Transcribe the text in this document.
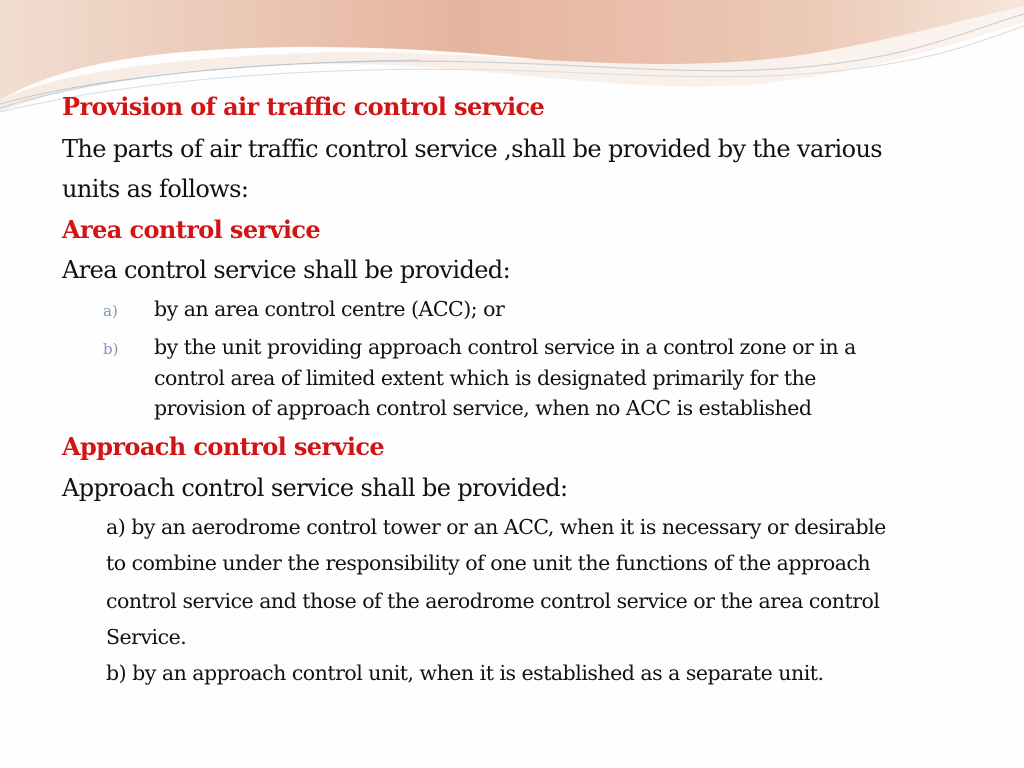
Provision of air traffic control service
The parts of air traffic control service ,shall be provided by the various
units as follows:
Area control service
Area control service shall be provided:
a) by an area control centre (ACC); or
b) by the unit providing approach control service in a control zone or in a
control area of limited extent which is designated primarily for the
provision of approach control service, when no ACC is established
Approach control service
Approach control service shall be provided:
a) by an aerodrome control tower or an ACC, when it is necessary or desirable
to combine under the responsibility of one unit the functions of the approach
control service and those of the aerodrome control service or the area control
Service.
b) by an approach control unit, when it is established as a separate unit.
